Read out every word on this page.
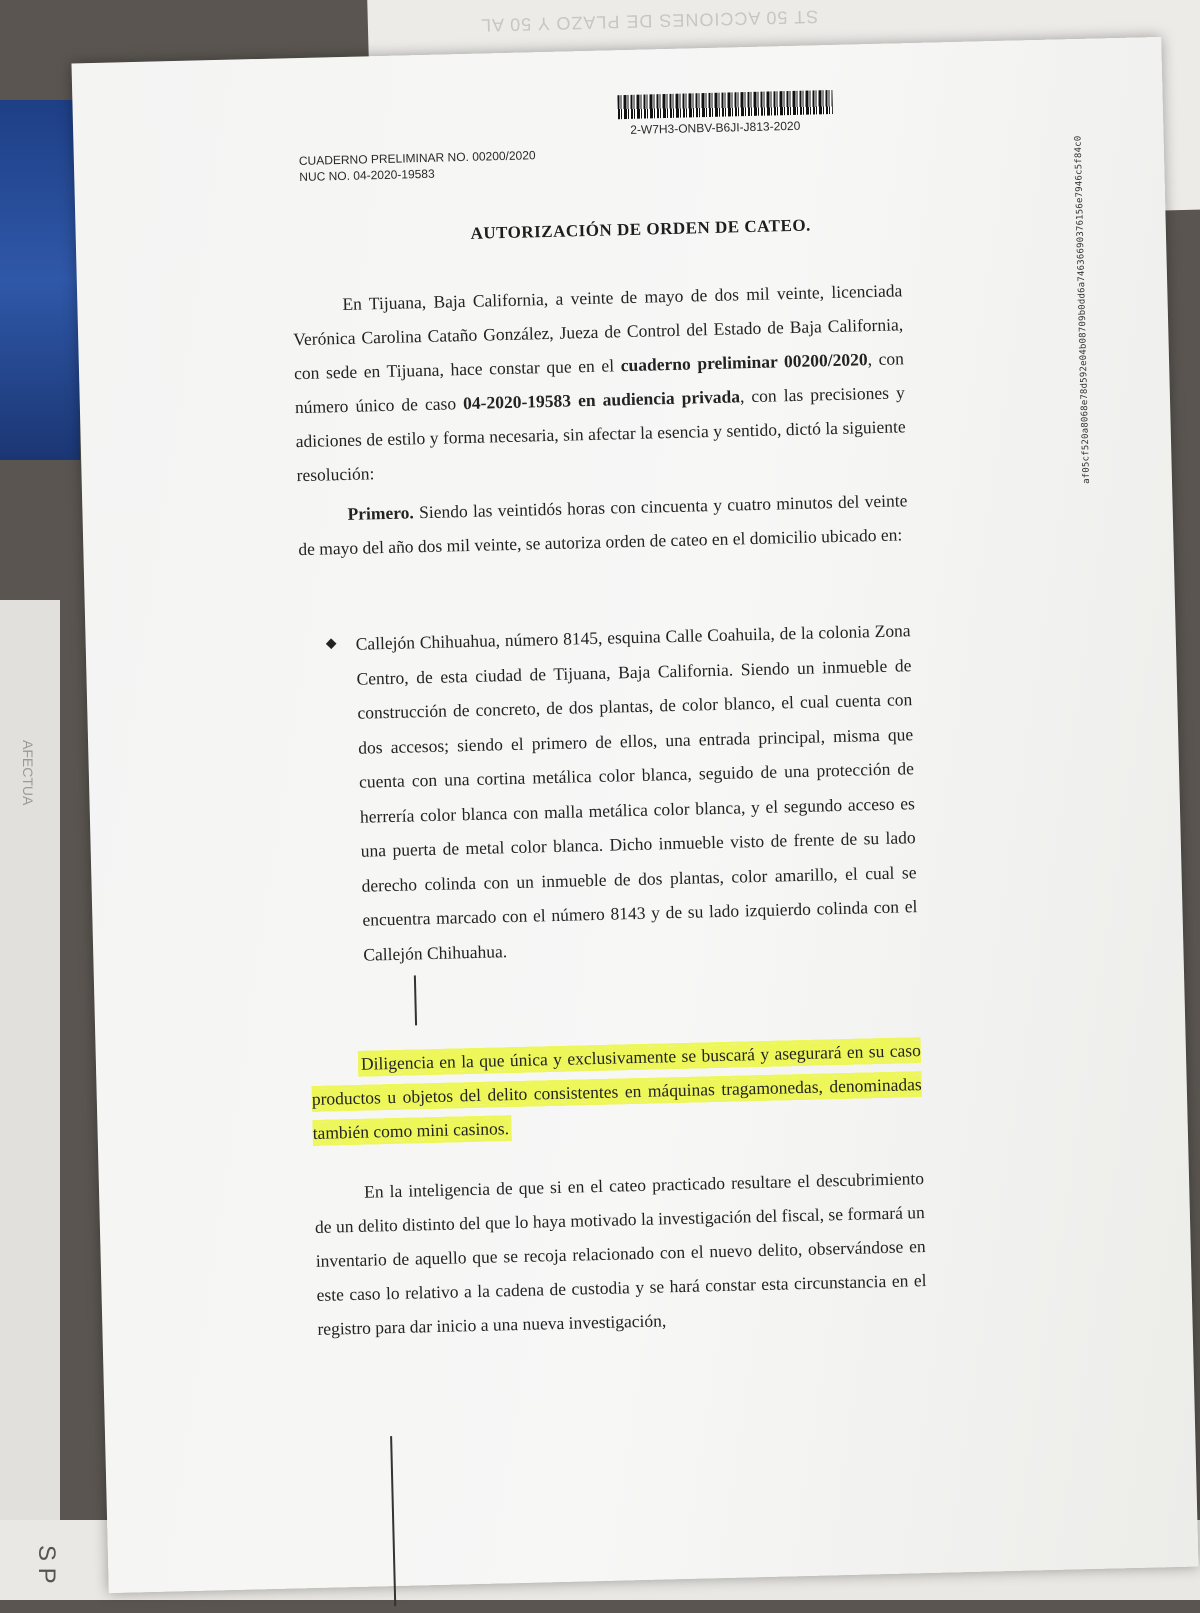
AFECTUA
ST 50 ACCIONES DE PLAZO Y 50 AL
S P
CUADERNO PRELIMINAR NO. 00200/2020
NUC NO. 04-2020-19583
2-W7H3-ONBV-B6JI-J813-2020
af05cf520a8068e78d592e04b08709b0dd6a74636690376156e7946c5f84c0
AUTORIZACIÓN DE ORDEN DE CATEO.
En Tijuana, Baja California, a veinte de mayo de dos mil veinte, licenciada Verónica Carolina Cataño González, Jueza de Control del Estado de Baja California, con sede en Tijuana, hace constar que en el cuaderno preliminar 00200/2020, con número único de caso 04-2020-19583 en audiencia privada, con las precisiones y adiciones de estilo y forma necesaria, sin afectar la esencia y sentido, dictó la siguiente resolución:
Primero. Siendo las veintidós horas con cincuenta y cuatro minutos del veinte de mayo del año dos mil veinte, se autoriza orden de cateo en el domicilio ubicado en:
◆	Callejón Chihuahua, número 8145, esquina Calle Coahuila, de la colonia Zona Centro, de esta ciudad de Tijuana, Baja California. Siendo un inmueble de construcción de concreto, de dos plantas, de color blanco, el cual cuenta con dos accesos; siendo el primero de ellos, una entrada principal, misma que cuenta con una cortina metálica color blanca, seguido de una protección de herrería color blanca con malla metálica color blanca, y el segundo acceso es una puerta de metal color blanca. Dicho inmueble visto de frente de su lado derecho colinda con un inmueble de dos plantas, color amarillo, el cual se encuentra marcado con el número 8143 y de su lado izquierdo colinda con el Callejón Chihuahua.
Diligencia en la que única y exclusivamente se buscará y asegurará en su caso productos u objetos del delito consistentes en máquinas tragamonedas, denominadas también como mini casinos.
En la inteligencia de que si en el cateo practicado resultare el descubrimiento de un delito distinto del que lo haya motivado la investigación del fiscal, se formará un inventario de aquello que se recoja relacionado con el nuevo delito, observándose en este caso lo relativo a la cadena de custodia y se hará constar esta circunstancia en el registro para dar inicio a una nueva investigación,
